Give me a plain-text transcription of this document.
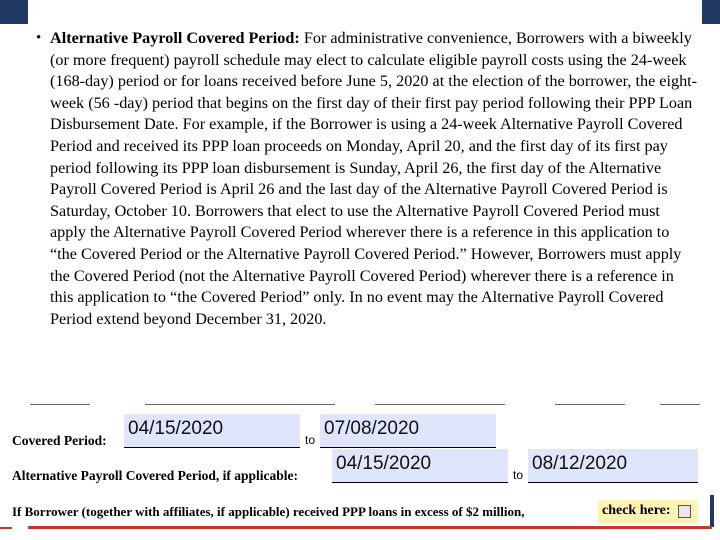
• Alternative Payroll Covered Period: For administrative convenience, Borrowers with a biweekly (or more frequent) payroll schedule may elect to calculate eligible payroll costs using the 24-week (168-day) period or for loans received before June 5, 2020 at the election of the borrower, the eight-week (56 -day) period that begins on the first day of their first pay period following their PPP Loan Disbursement Date. For example, if the Borrower is using a 24-week Alternative Payroll Covered Period and received its PPP loan proceeds on Monday, April 20, and the first day of its first pay period following its PPP loan disbursement is Sunday, April 26, the first day of the Alternative Payroll Covered Period is April 26 and the last day of the Alternative Payroll Covered Period is Saturday, October 10. Borrowers that elect to use the Alternative Payroll Covered Period must apply the Alternative Payroll Covered Period wherever there is a reference in this application to “the Covered Period or the Alternative Payroll Covered Period.” However, Borrowers must apply the Covered Period (not the Alternative Payroll Covered Period) wherever there is a reference in this application to “the Covered Period” only. In no event may the Alternative Payroll Covered Period extend beyond December 31, 2020.

Covered Period:
04/15/2020
to
07/08/2020
Alternative Payroll Covered Period, if applicable:
04/15/2020
to
08/12/2020
If Borrower (together with affiliates, if applicable) received PPP loans in excess of $2 million,	check here:
